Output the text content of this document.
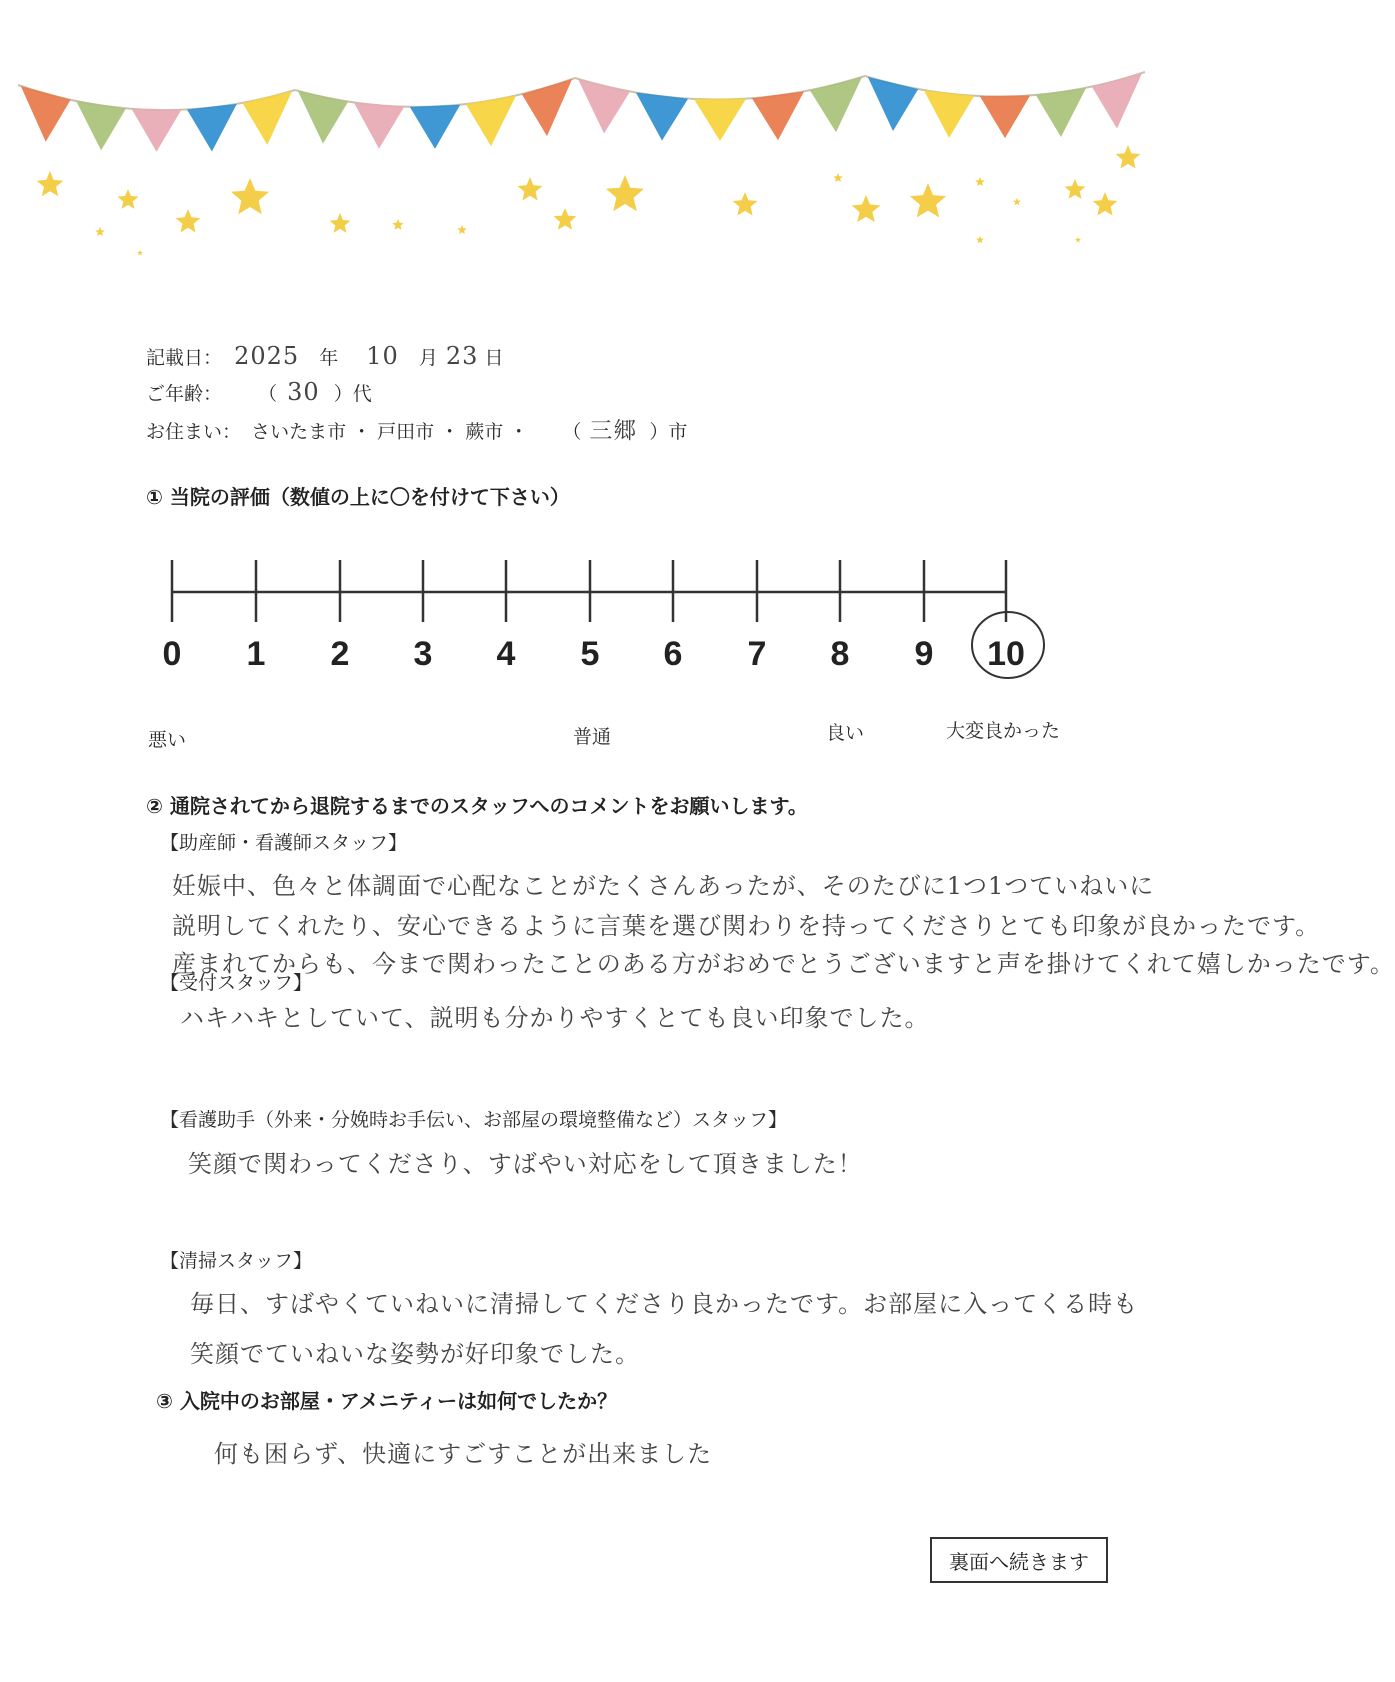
記載日： 2025 年 10 月 23 日
ご年齢： （ 30 ）代
お住まい： さいたま市 ・ 戸田市 ・ 蕨市 ・ （ 三郷 ）市
① 当院の評価（数値の上に〇を付けて下さい）
0 1 2 3 4 5 6 7 8 9 10
悪い	普通	良い	大変良かった
② 通院されてから退院するまでのスタッフへのコメントをお願いします。
【助産師・看護師スタッフ】
妊娠中、色々と体調面で心配なことがたくさんあったが、そのたびに1つ1つていねいに
説明してくれたり、安心できるように言葉を選び関わりを持ってくださりとても印象が良かったです。
産まれてからも、今まで関わったことのある方がおめでとうございますと声を掛けてくれて嬉しかったです。
【受付スタッフ】
ハキハキとしていて、説明も分かりやすくとても良い印象でした。
【看護助手（外来・分娩時お手伝い、お部屋の環境整備など）スタッフ】
笑顔で関わってくださり、すばやい対応をして頂きました！
【清掃スタッフ】
毎日、すばやくていねいに清掃してくださり良かったです。お部屋に入ってくる時も
笑顔でていねいな姿勢が好印象でした。
③ 入院中のお部屋・アメニティーは如何でしたか？
何も困らず、快適にすごすことが出来ました
裏面へ続きます
